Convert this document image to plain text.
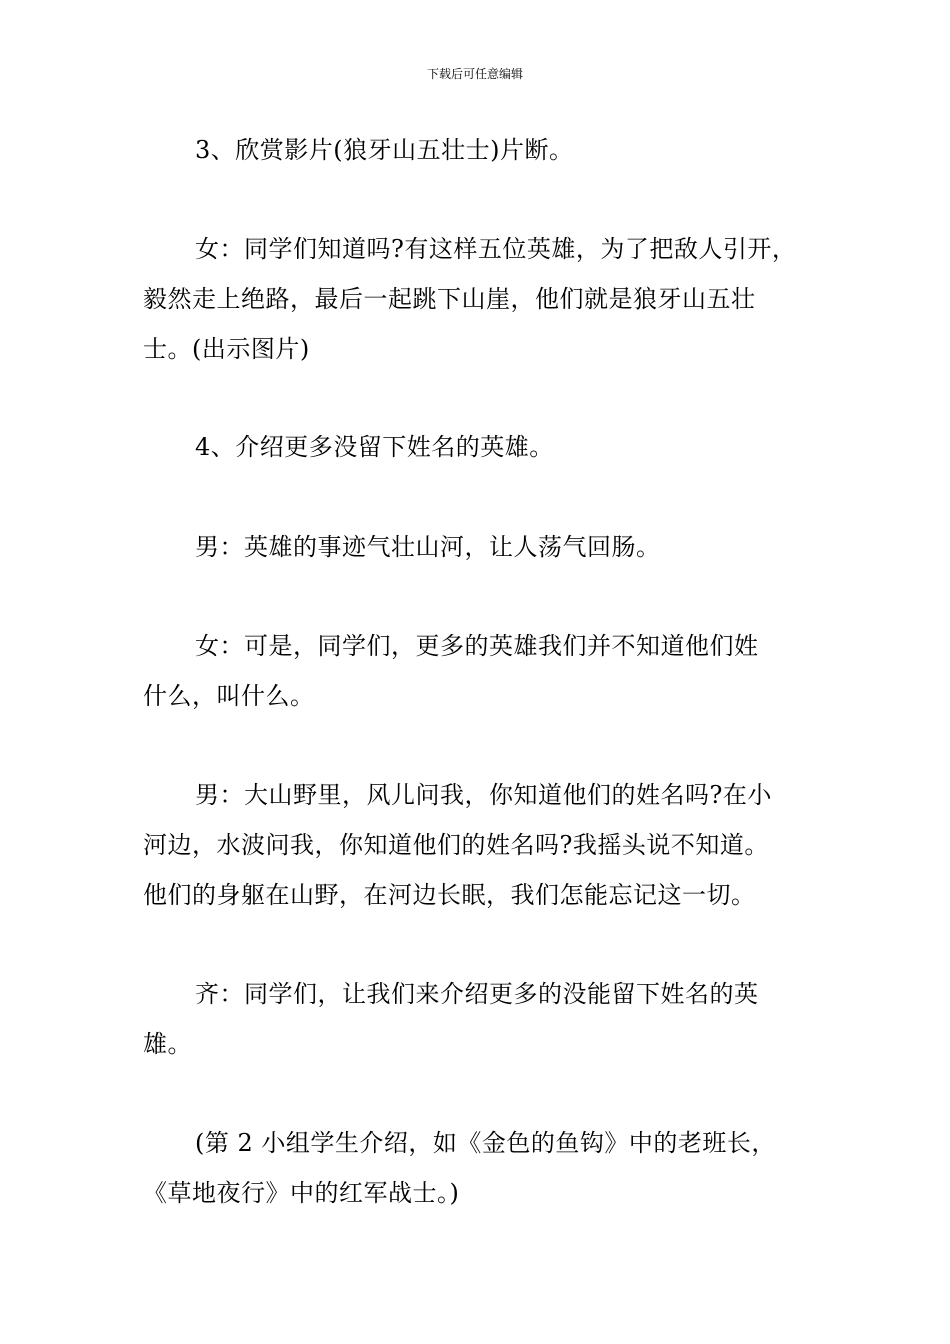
下载后可任意编辑

3、欣赏影片(狼牙山五壮士)片断。

女：同学们知道吗?有这样五位英雄，为了把敌人引开，
毅然走上绝路，最后一起跳下山崖，他们就是狼牙山五壮
士。(出示图片)

4、介绍更多没留下姓名的英雄。

男：英雄的事迹气壮山河，让人荡气回肠。

女：可是，同学们，更多的英雄我们并不知道他们姓
什么，叫什么。

男：大山野里，风儿问我，你知道他们的姓名吗?在小
河边，水波问我，你知道他们的姓名吗?我摇头说不知道。
他们的身躯在山野，在河边长眠，我们怎能忘记这一切。

齐：同学们，让我们来介绍更多的没能留下姓名的英
雄。

(第 2 小组学生介绍，如《金色的鱼钩》中的老班长，
《草地夜行》中的红军战士。)
